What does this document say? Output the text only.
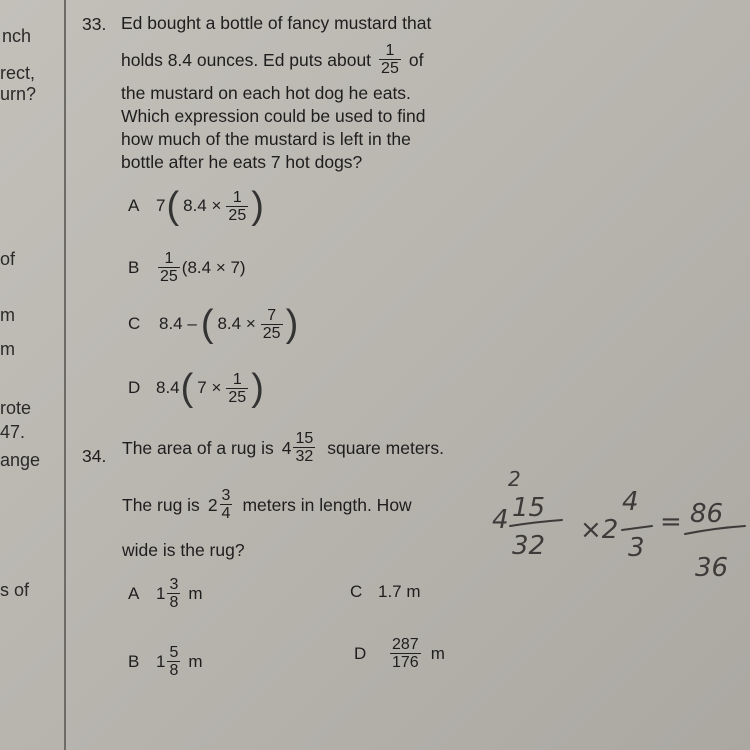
nch
rect,
urn?
of
m
m
rote
47.
ange
s of
33. Ed bought a bottle of fancy mustard that
holds 8.4 ounces. Ed puts about $\frac{1}{25}$ of
the mustard on each hot dog he eats.
Which expression could be used to find
how much of the mustard is left in the
bottle after he eats 7 hot dogs?
A 7 ( $8.4 \times \frac{1}{25}$ )
B	$\frac{1}{25} (8.4 \times 7)$
C	8.4 – ( $8.4 \times \frac{7}{25}$ )
D 8.4 ( $7 \times \frac{1}{25}$ )
34. The area of a rug is $4 \frac{15}{32}$ square meters.
The rug is $2 \frac{3}{4}$ meters in length. How
wide is the rug?
A $1 \frac{3}{8}$ m	C 1.7 m
B $1 \frac{5}{8}$ m	D	$\frac{287}{176}$ m
2
4 15
32
×2
4
3
= 86
36
